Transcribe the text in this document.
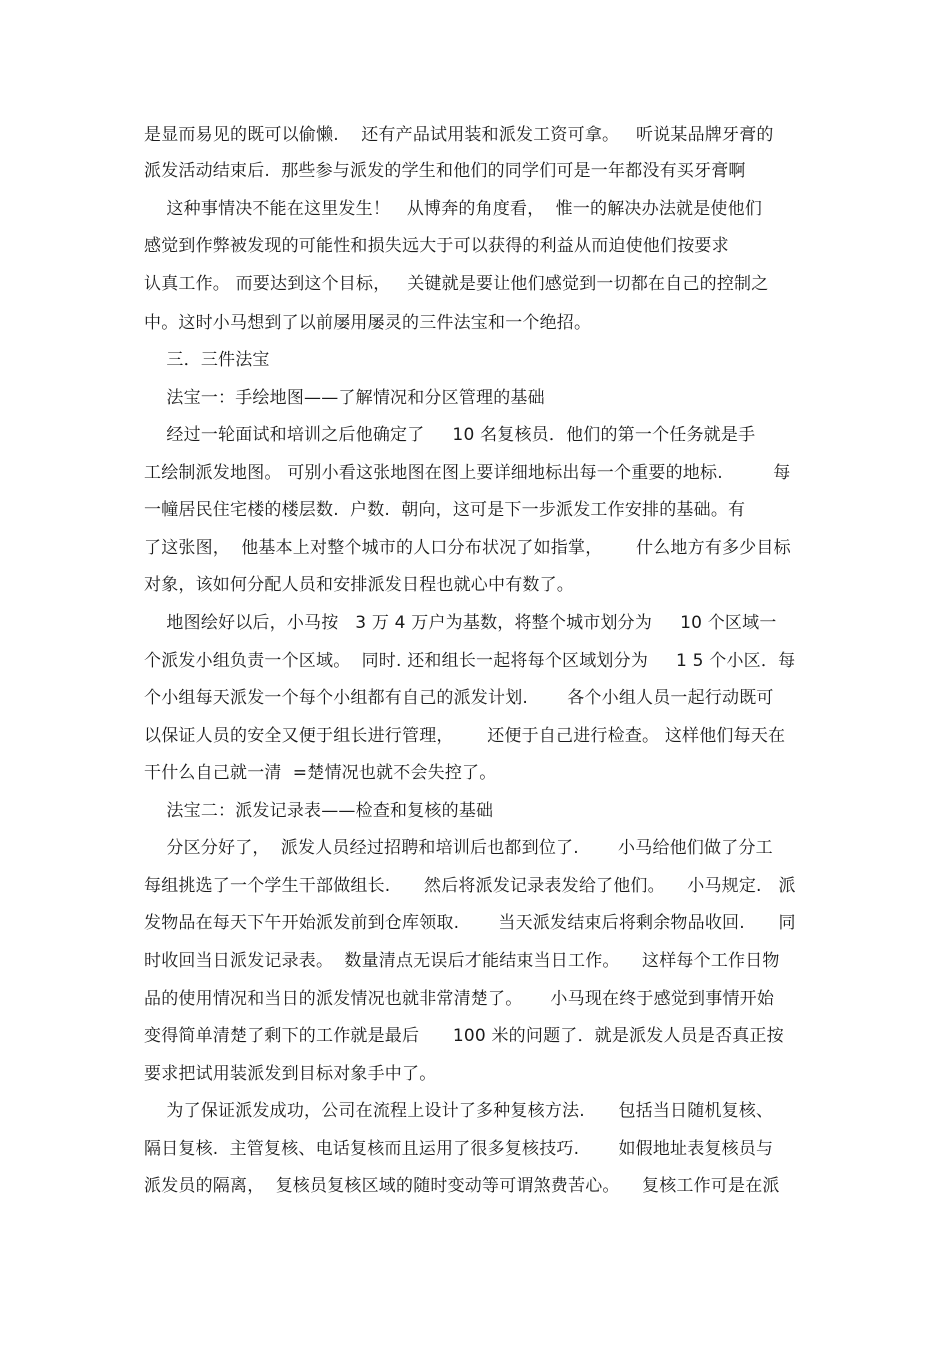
是显而易见的既可以偷懒.    还有产品试用装和派发工资可拿。   听说某品牌牙膏的
派发活动结束后.  那些参与派发的学生和他们的同学们可是一年都没有买牙膏啊
这种事情决不能在这里发生！   从博奔的角度看，  惟一的解决办法就是使他们
感觉到作弊被发现的可能性和损失远大于可以获得的利益从而迫使他们按要求
认真工作。 而要达到这个目标，   关键就是要让他们感觉到一切都在自己的控制之
中。这时小马想到了以前屡用屡灵的三件法宝和一个绝招。
三．三件法宝
法宝一：手绘地图——了解情况和分区管理的基础
经过一轮面试和培训之后他确定了     10 名复核员．他们的第一个任务就是手
工绘制派发地图。 可别小看这张地图在图上要详细地标出每一个重要的地标.         每
一幢居民住宅楼的楼层数.  户数.  朝向，这可是下一步派发工作安排的基础。有
了这张图，  他基本上对整个城市的人口分布状况了如指掌，      什么地方有多少目标
对象，该如何分配人员和安排派发日程也就心中有数了。
地图绘好以后，小马按   3 万 4 万户为基数，将整个城市划分为     10 个区域一
个派发小组负责一个区域。  同时. 还和组长一起将每个区域划分为     1 5 个小区．每
个小组每天派发一个每个小组都有自己的派发计划.       各个小组人员一起行动既可
以保证人员的安全又便于组长进行管理，      还便于自己进行检查。 这样他们每天在
干什么自己就一清  =楚情况也就不会失控了。
法宝二：派发记录表——检查和复核的基础
分区分好了，  派发人员经过招聘和培训后也都到位了.       小马给他们做了分工
每组挑选了一个学生干部做组长.      然后将派发记录表发给了他们。    小马规定.   派
发物品在每天下午开始派发前到仓库领取.       当天派发结束后将剩余物品收回.      同
时收回当日派发记录表。  数量清点无误后才能结束当日工作。    这样每个工作日物
品的使用情况和当日的派发情况也就非常清楚了。     小马现在终于感觉到事情开始
变得简单清楚了剩下的工作就是最后      100 米的问题了．就是派发人员是否真正按
要求把试用装派发到目标对象手中了。
为了保证派发成功，公司在流程上设计了多种复核方法.      包括当日随机复核、
隔日复核.  主管复核、电话复核而且运用了很多复核技巧.       如假地址表复核员与
派发员的隔离，  复核员复核区域的随时变动等可谓煞费苦心。    复核工作可是在派
